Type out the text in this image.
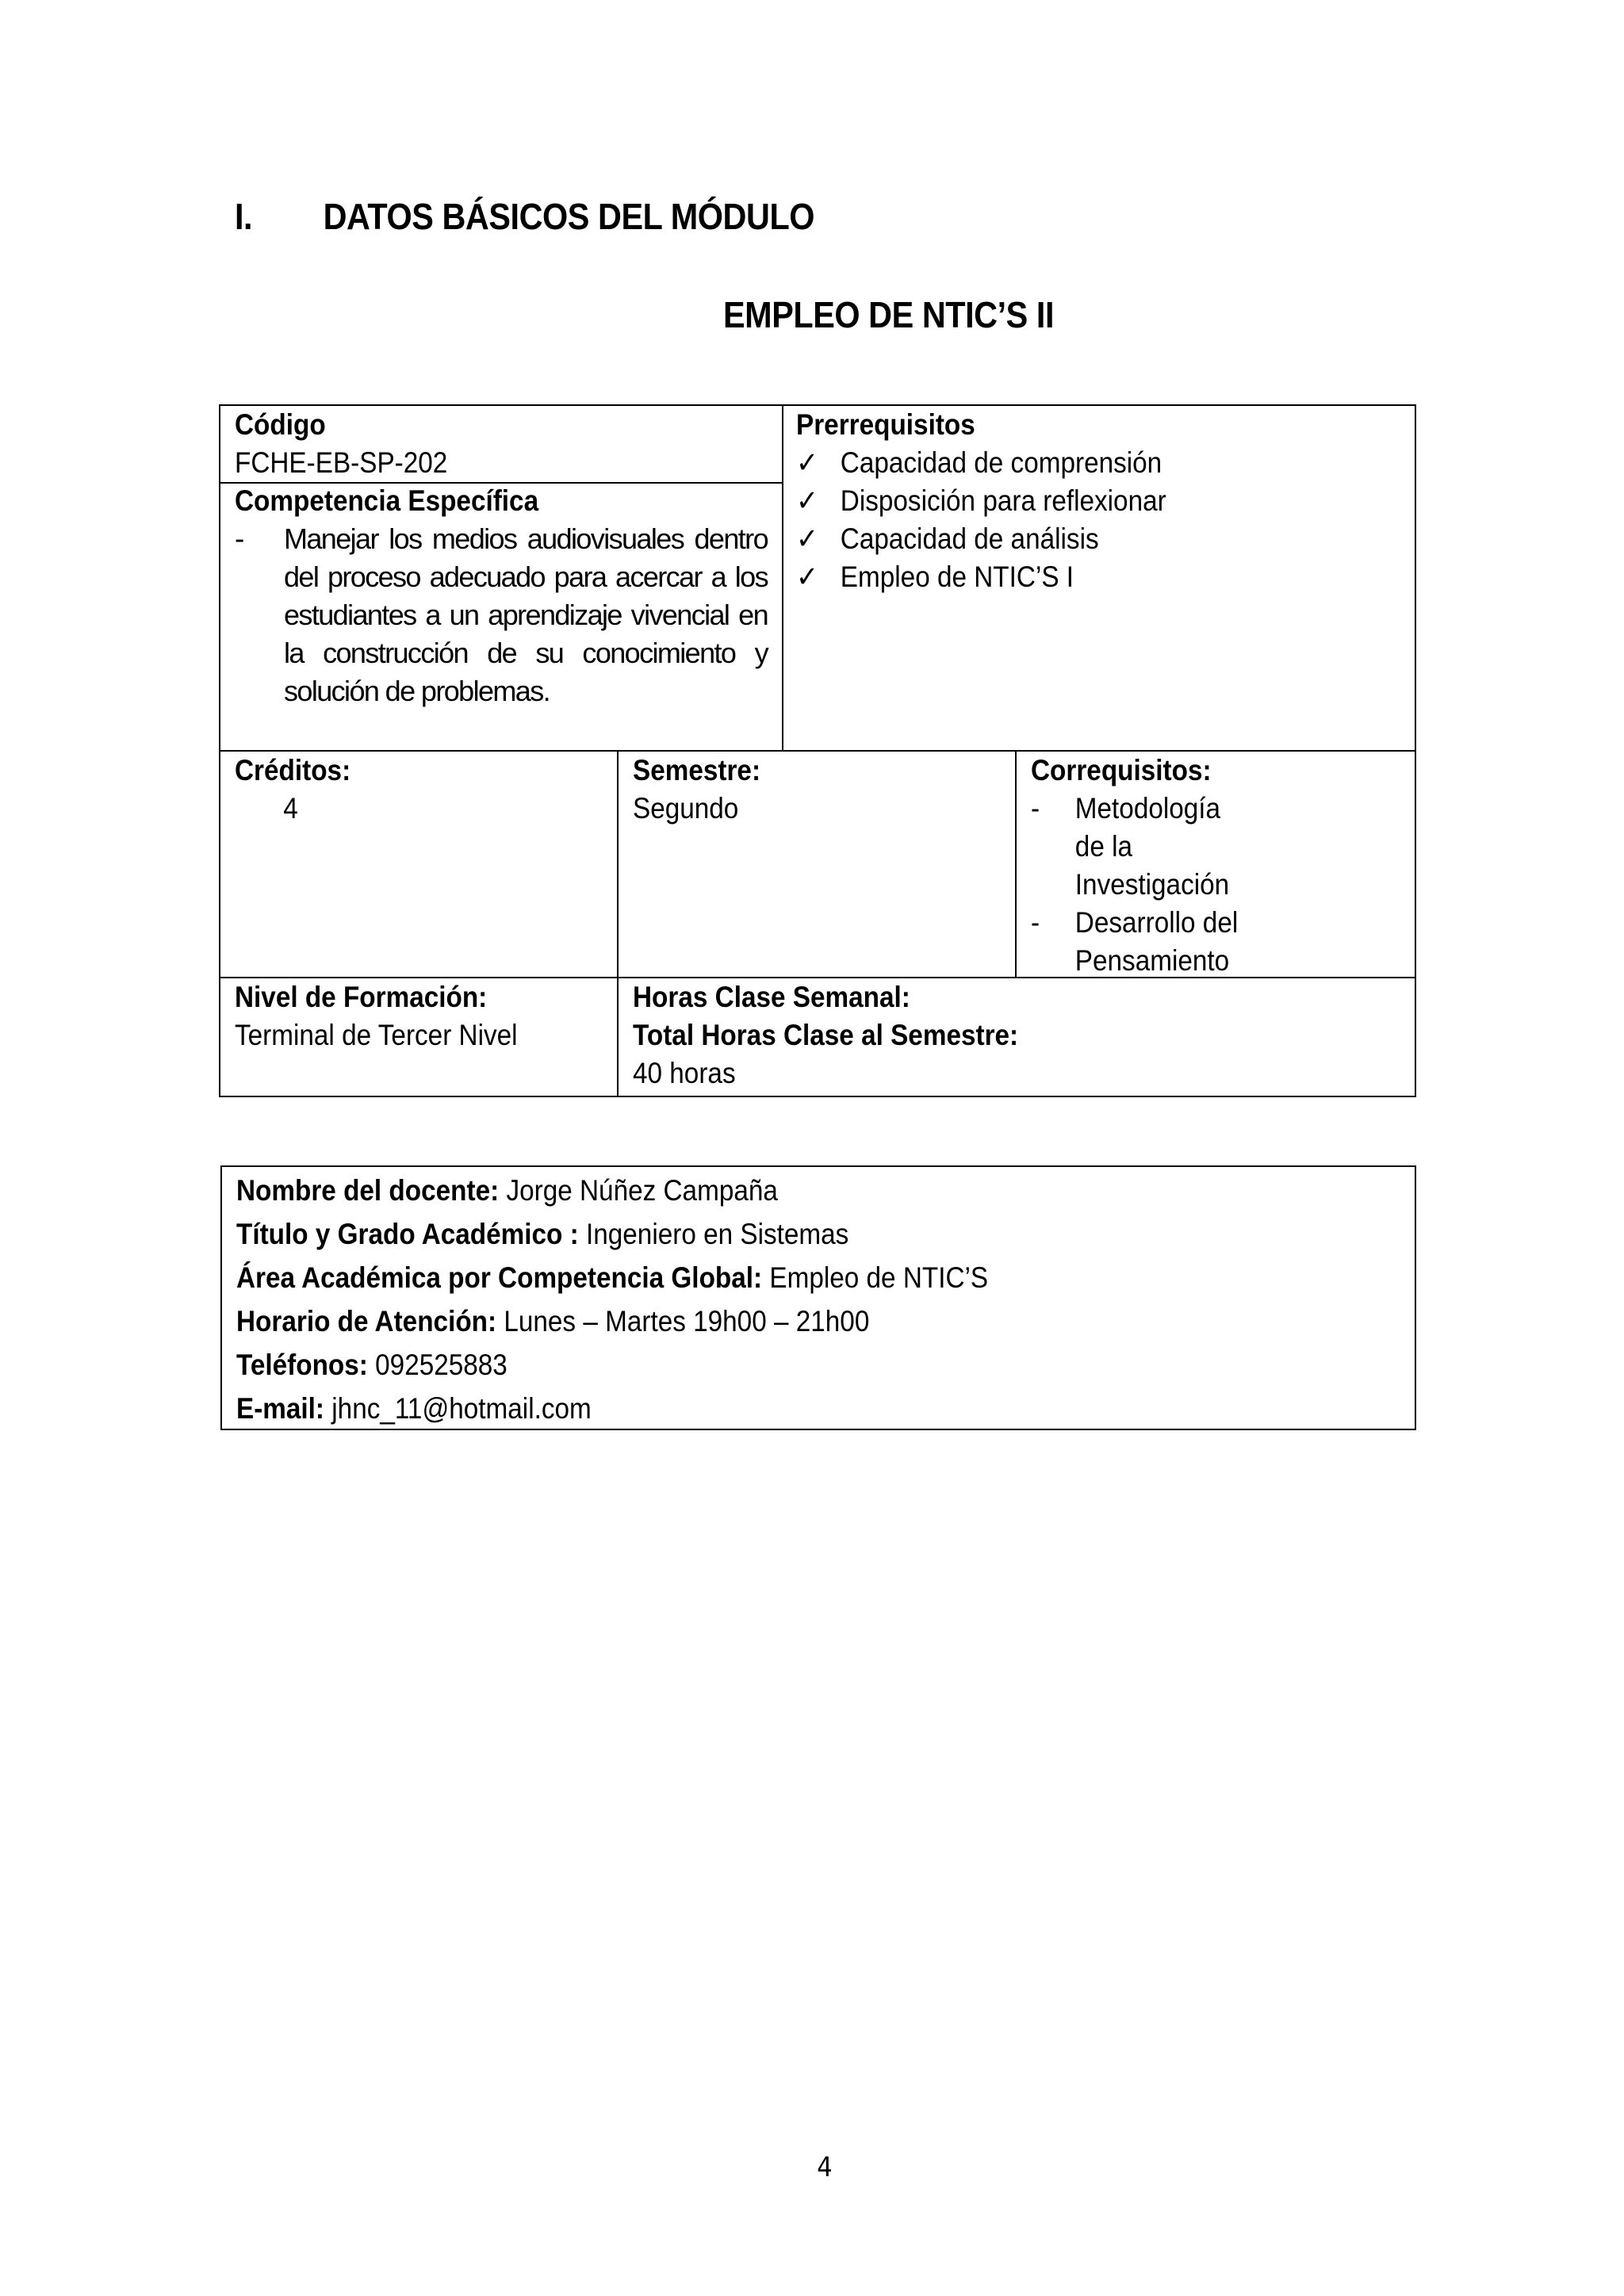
I. DATOS BÁSICOS DEL MÓDULO
EMPLEO DE NTIC’S II
Código
FCHE-EB-SP-202
Competencia Específica
- Manejar los medios audiovisuales dentro del proceso adecuado para acercar a los estudiantes a un aprendizaje vivencial en la construcción de su conocimiento y solución de problemas.
Prerrequisitos
✓ Capacidad de comprensión
✓ Disposición para reflexionar
✓ Capacidad de análisis
✓ Empleo de NTIC’S I
Créditos:
4
Semestre:
Segundo
Correquisitos:
- Metodología de la Investigación
- Desarrollo del Pensamiento
Nivel de Formación:
Terminal de Tercer Nivel
Horas Clase Semanal:
Total Horas Clase al Semestre:
40 horas
Nombre del docente: Jorge Núñez Campaña
Título y Grado Académico : Ingeniero en Sistemas
Área Académica por Competencia Global: Empleo de NTIC’S
Horario de Atención: Lunes – Martes 19h00 – 21h00
Teléfonos: 092525883
E-mail: jhnc_11@hotmail.com
4
